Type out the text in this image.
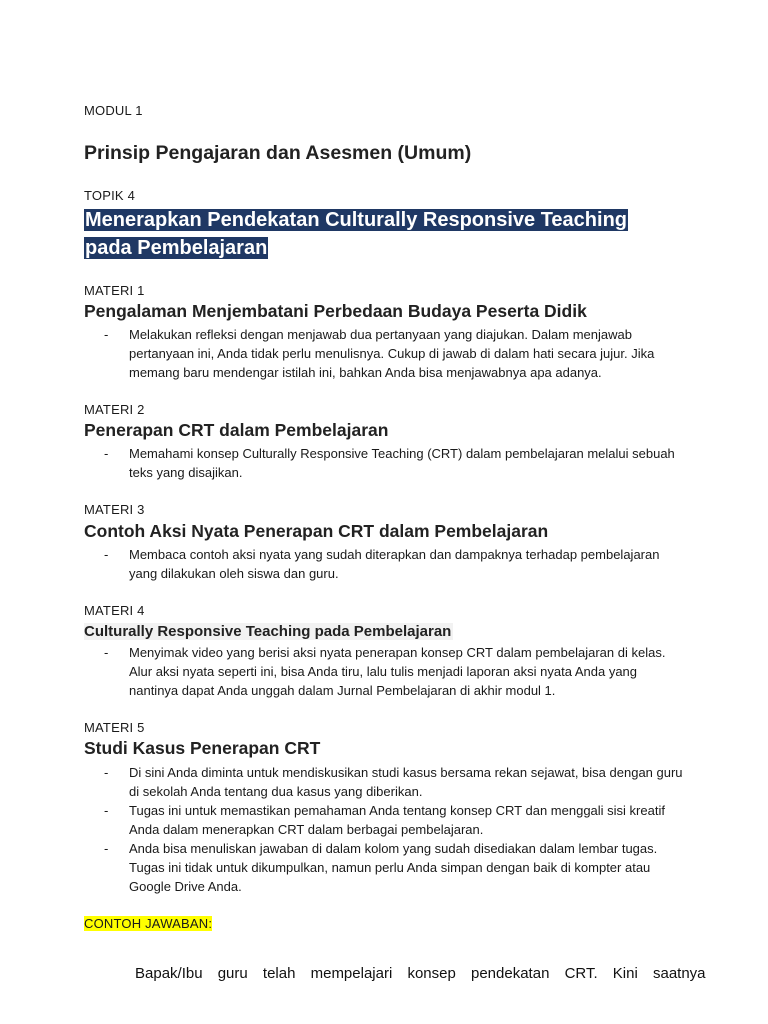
MODUL 1
Prinsip Pengajaran dan Asesmen (Umum)
TOPIK 4
Menerapkan Pendekatan Culturally Responsive Teaching
pada Pembelajaran
MATERI 1
Pengalaman Menjembatani Perbedaan Budaya Peserta Didik
- Melakukan refleksi dengan menjawab dua pertanyaan yang diajukan. Dalam menjawab pertanyaan ini, Anda tidak perlu menulisnya. Cukup di jawab di dalam hati secara jujur. Jika memang baru mendengar istilah ini, bahkan Anda bisa menjawabnya apa adanya.
MATERI 2
Penerapan CRT dalam Pembelajaran
- Memahami konsep Culturally Responsive Teaching (CRT) dalam pembelajaran melalui sebuah teks yang disajikan.
MATERI 3
Contoh Aksi Nyata Penerapan CRT dalam Pembelajaran
- Membaca contoh aksi nyata yang sudah diterapkan dan dampaknya terhadap pembelajaran yang dilakukan oleh siswa dan guru.
MATERI 4
Culturally Responsive Teaching pada Pembelajaran
- Menyimak video yang berisi aksi nyata penerapan konsep CRT dalam pembelajaran di kelas. Alur aksi nyata seperti ini, bisa Anda tiru, lalu tulis menjadi laporan aksi nyata Anda yang nantinya dapat Anda unggah dalam Jurnal Pembelajaran di akhir modul 1.
MATERI 5
Studi Kasus Penerapan CRT
- Di sini Anda diminta untuk mendiskusikan studi kasus bersama rekan sejawat, bisa dengan guru di sekolah Anda tentang dua kasus yang diberikan.
- Tugas ini untuk memastikan pemahaman Anda tentang konsep CRT dan menggali sisi kreatif Anda dalam menerapkan CRT dalam berbagai pembelajaran.
- Anda bisa menuliskan jawaban di dalam kolom yang sudah disediakan dalam lembar tugas. Tugas ini tidak untuk dikumpulkan, namun perlu Anda simpan dengan baik di kompter atau Google Drive Anda.
CONTOH JAWABAN:
Bapak/Ibu guru telah mempelajari konsep pendekatan CRT. Kini saatnya
